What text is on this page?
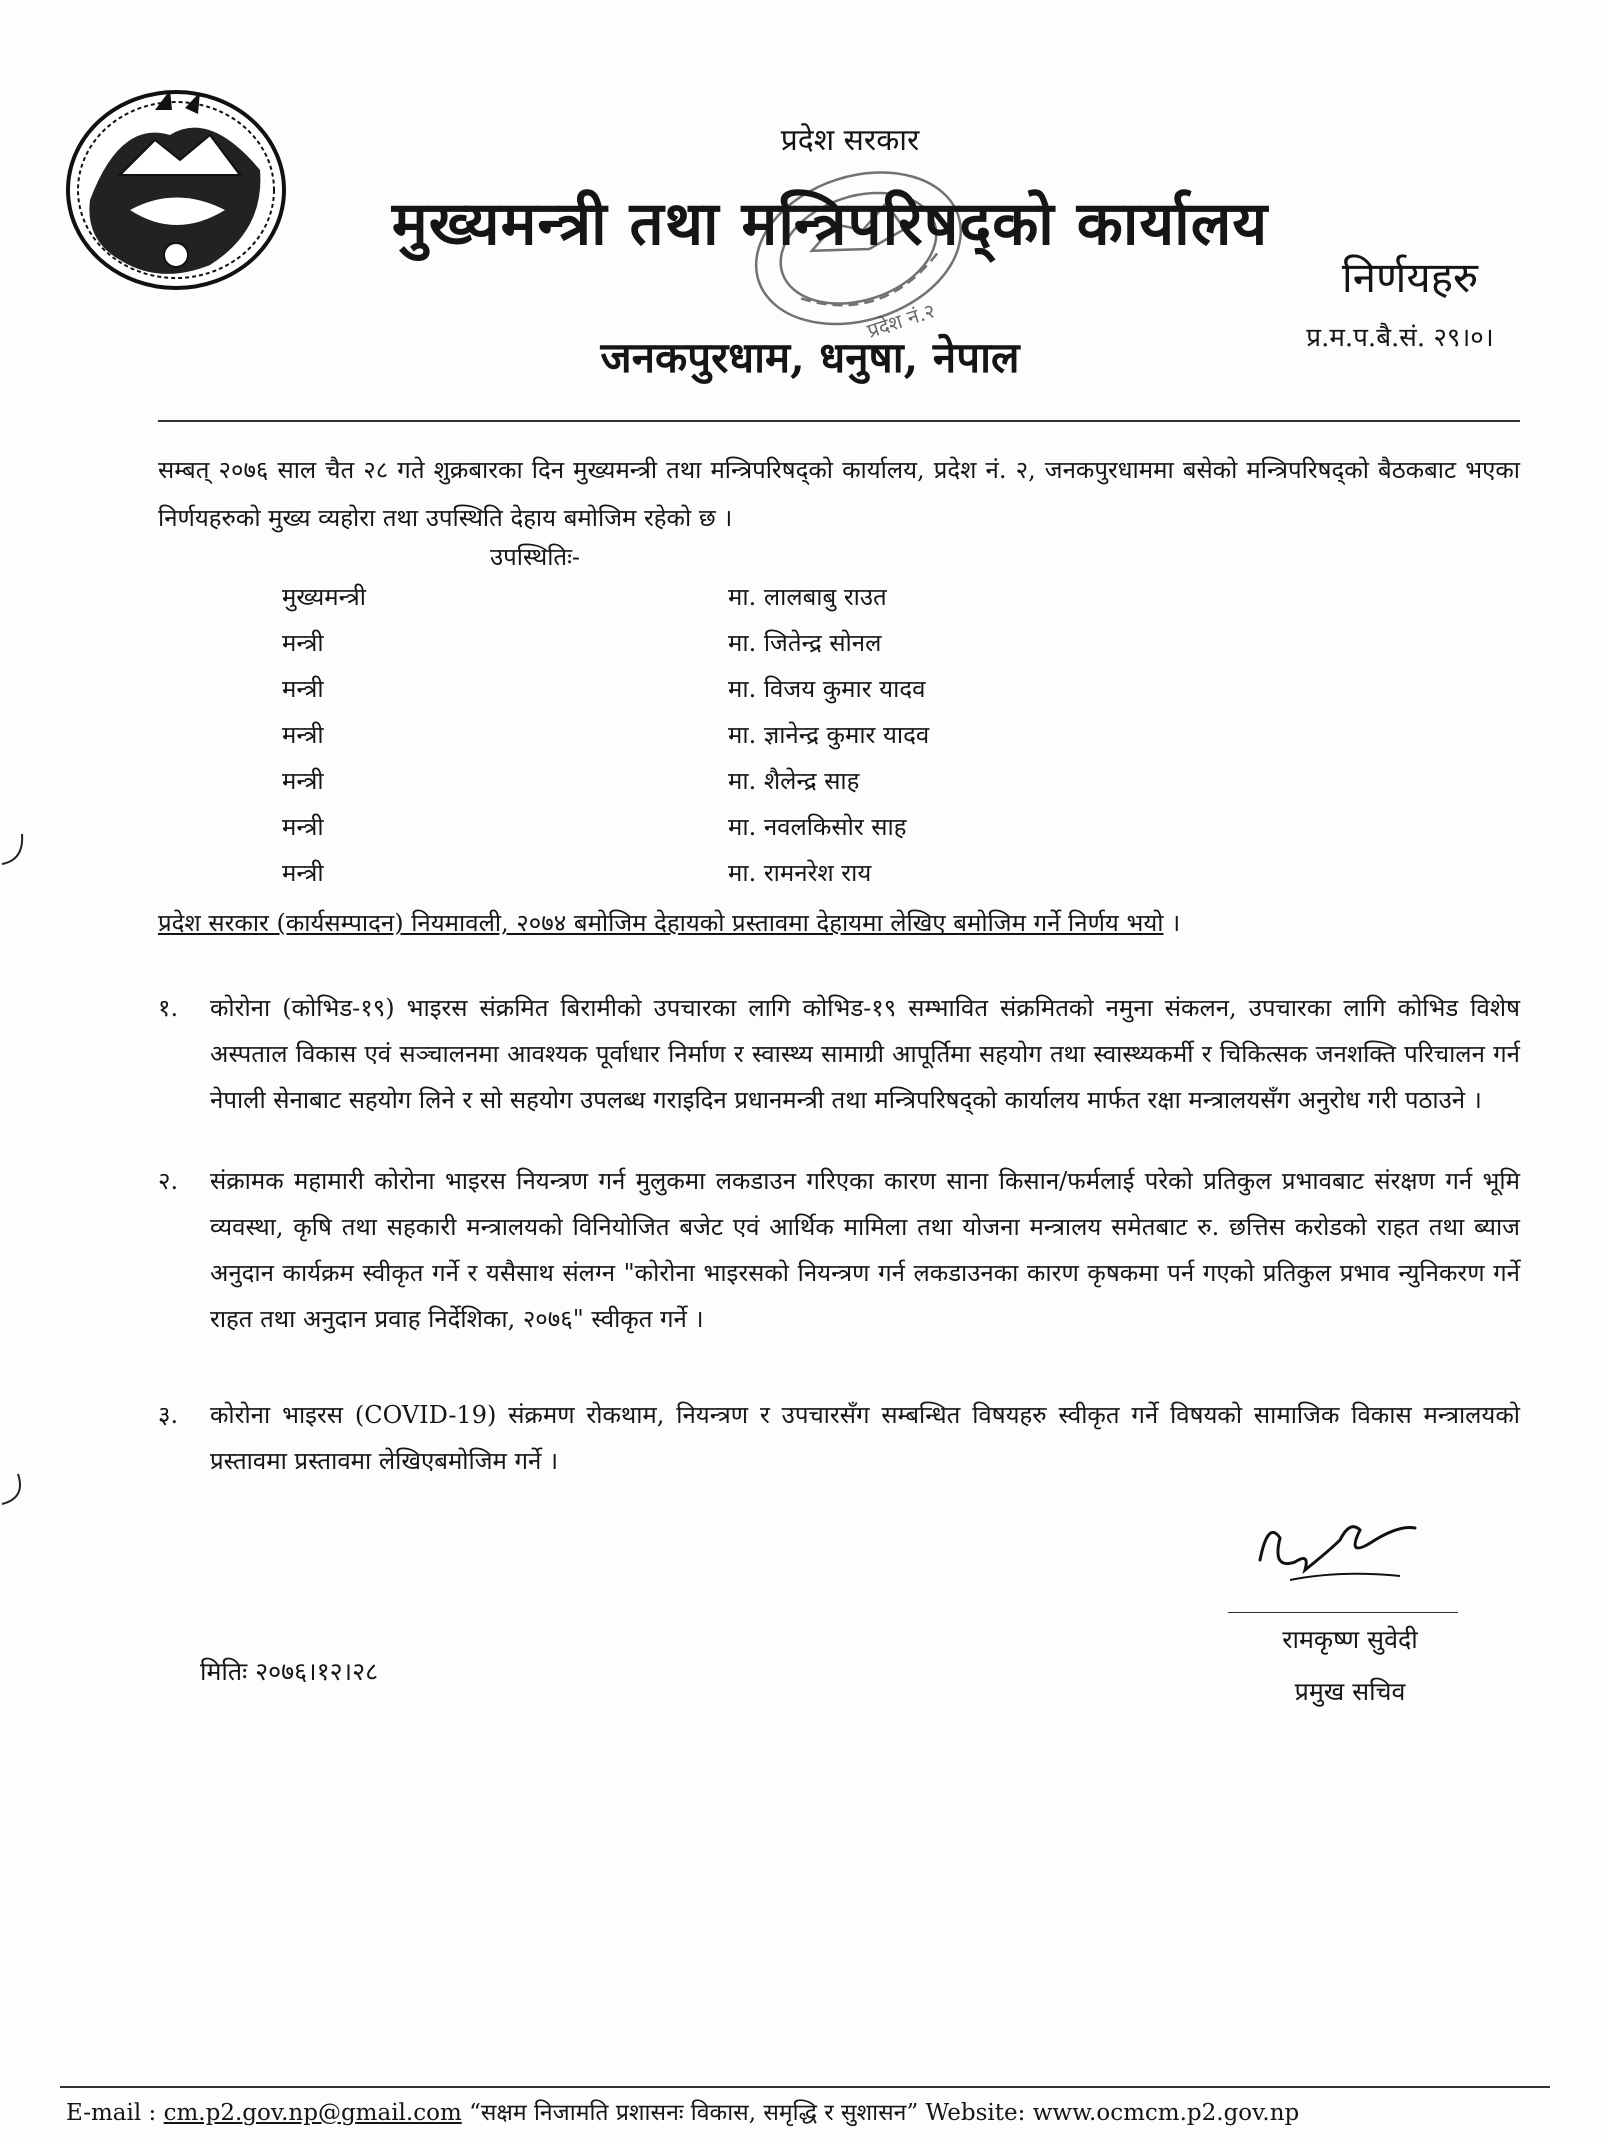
प्रदेश नं.२
प्रदेश सरकार
मुख्यमन्त्री तथा मन्त्रिपरिषद्को कार्यालय
जनकपुरधाम, धनुषा, नेपाल
निर्णयहरु
प्र.म.प.बै.सं. २९।०।
सम्बत् २०७६ साल चैत २८ गते शुक्रबारका दिन मुख्यमन्त्री तथा मन्त्रिपरिषद्को कार्यालय, प्रदेश नं. २, जनकपुरधाममा बसेको मन्त्रिपरिषद्को बैठकबाट भएका निर्णयहरुको मुख्य व्यहोरा तथा उपस्थिति देहाय बमोजिम रहेको छ ।
उपस्थितिः-
मुख्यमन्त्री	मा. लालबाबु राउत
मन्त्री	मा. जितेन्द्र सोनल
मन्त्री	मा. विजय कुमार यादव
मन्त्री	मा. ज्ञानेन्द्र कुमार यादव
मन्त्री	मा. शैलेन्द्र साह
मन्त्री	मा. नवलकिसोर साह
मन्त्री	मा. रामनरेश राय
प्रदेश सरकार (कार्यसम्पादन) नियमावली, २०७४ बमोजिम देहायको प्रस्तावमा देहायमा लेखिए बमोजिम गर्ने निर्णय भयो ।
१.	कोरोना (कोभिड-१९) भाइरस संक्रमित बिरामीको उपचारका लागि कोभिड-१९ सम्भावित संक्रमितको नमुना संकलन, उपचारका लागि कोभिड विशेष अस्पताल विकास एवं सञ्चालनमा आवश्यक पूर्वाधार निर्माण र स्वास्थ्य सामाग्री आपूर्तिमा सहयोग तथा स्वास्थ्यकर्मी र चिकित्सक जनशक्ति परिचालन गर्न नेपाली सेनाबाट सहयोग लिने र सो सहयोग उपलब्ध गराइदिन प्रधानमन्त्री तथा मन्त्रिपरिषद्को कार्यालय मार्फत रक्षा मन्त्रालयसँग अनुरोध गरी पठाउने ।
२.	संक्रामक महामारी कोरोना भाइरस नियन्त्रण गर्न मुलुकमा लकडाउन गरिएका कारण साना किसान/फर्मलाई परेको प्रतिकुल प्रभावबाट संरक्षण गर्न भूमि व्यवस्था, कृषि तथा सहकारी मन्त्रालयको विनियोजित बजेट एवं आर्थिक मामिला तथा योजना मन्त्रालय समेतबाट रु. छत्तिस करोडको राहत तथा ब्याज अनुदान कार्यक्रम स्वीकृत गर्ने र यसैसाथ संलग्न "कोरोना भाइरसको नियन्त्रण गर्न लकडाउनका कारण कृषकमा पर्न गएको प्रतिकुल प्रभाव न्युनिकरण गर्ने राहत तथा अनुदान प्रवाह निर्देशिका, २०७६" स्वीकृत गर्ने ।
३.	कोरोना भाइरस (COVID-19) संक्रमण रोकथाम, नियन्त्रण र उपचारसँग सम्बन्धित विषयहरु स्वीकृत गर्ने विषयको सामाजिक विकास मन्त्रालयको प्रस्तावमा प्रस्तावमा लेखिएबमोजिम गर्ने ।
रामकृष्ण सुवेदी
प्रमुख सचिव
मितिः २०७६।१२।२८
E-mail : cm.p2.gov.np@gmail.com “सक्षम निजामति प्रशासनः विकास, समृद्धि र सुशासन” Website: www.ocmcm.p2.gov.np
